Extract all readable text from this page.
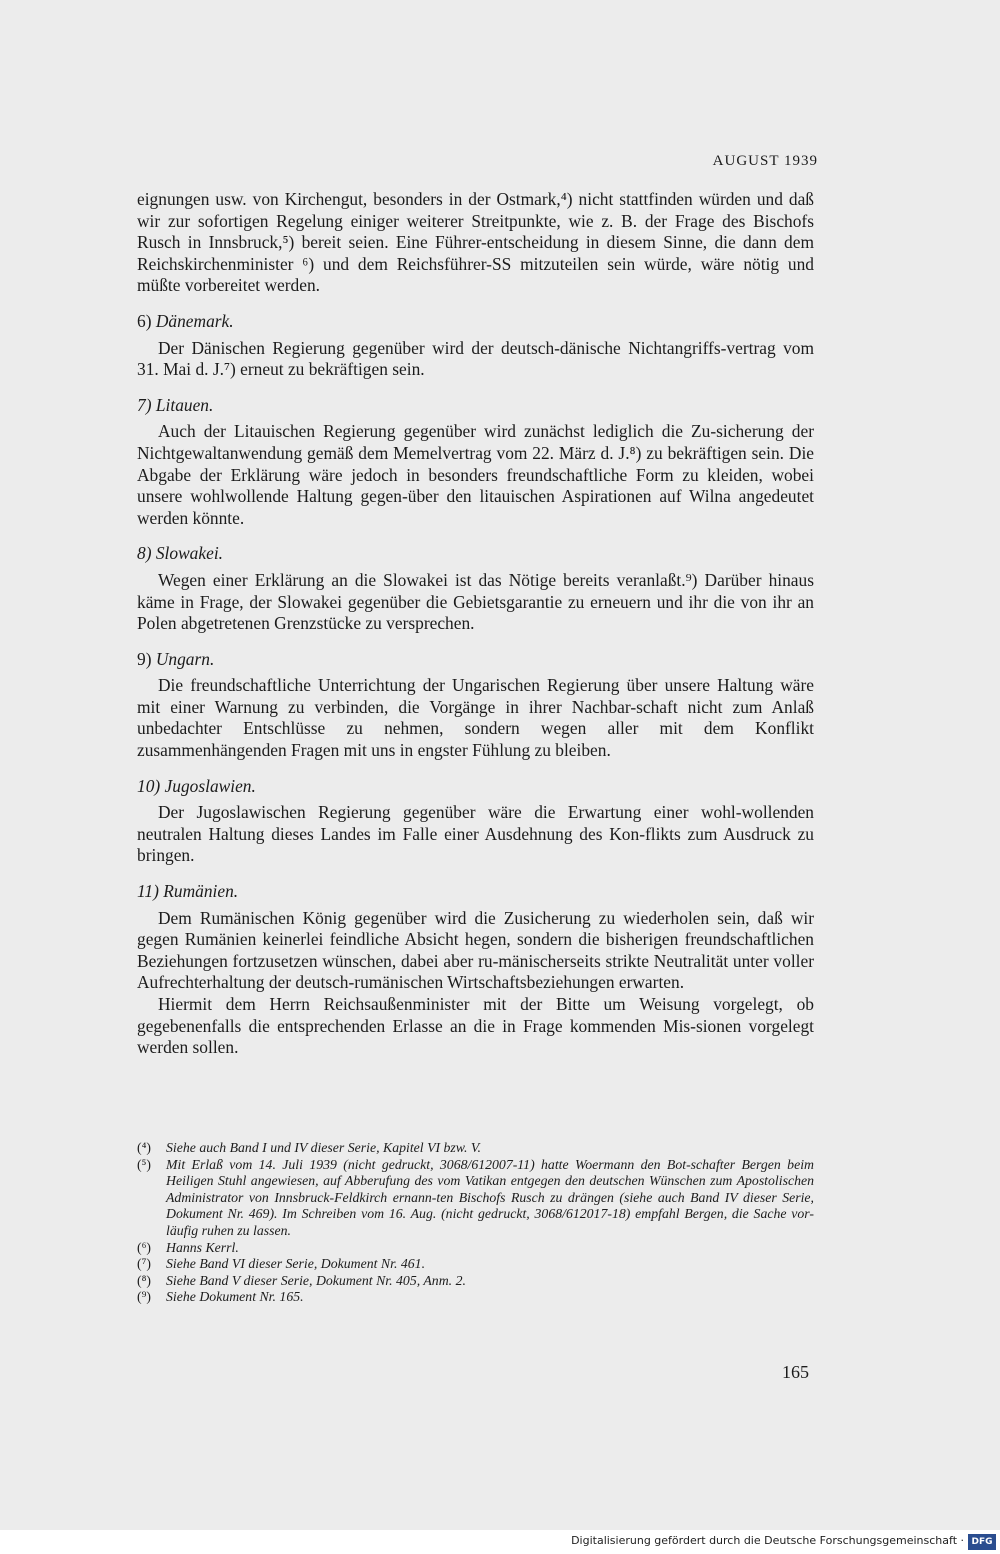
AUGUST 1939

eignungen usw. von Kirchengut, besonders in der Ostmark,⁴) nicht stattfinden würden und daß wir zur sofortigen Regelung einiger weiterer Streitpunkte, wie z. B. der Frage des Bischofs Rusch in Innsbruck,⁵) bereit seien. Eine Führer-entscheidung in diesem Sinne, die dann dem Reichskirchenminister ⁶) und dem Reichsführer-SS mitzuteilen sein würde, wäre nötig und müßte vorbereitet werden.

6) Dänemark.

Der Dänischen Regierung gegenüber wird der deutsch-dänische Nichtangriffs-vertrag vom 31. Mai d. J.⁷) erneut zu bekräftigen sein.

7) Litauen.

Auch der Litauischen Regierung gegenüber wird zunächst lediglich die Zu-sicherung der Nichtgewaltanwendung gemäß dem Memelvertrag vom 22. März d. J.⁸) zu bekräftigen sein. Die Abgabe der Erklärung wäre jedoch in besonders freundschaftliche Form zu kleiden, wobei unsere wohlwollende Haltung gegen-über den litauischen Aspirationen auf Wilna angedeutet werden könnte.

8) Slowakei.

Wegen einer Erklärung an die Slowakei ist das Nötige bereits veranlaßt.⁹) Darüber hinaus käme in Frage, der Slowakei gegenüber die Gebietsgarantie zu erneuern und ihr die von ihr an Polen abgetretenen Grenzstücke zu versprechen.

9) Ungarn.

Die freundschaftliche Unterrichtung der Ungarischen Regierung über unsere Haltung wäre mit einer Warnung zu verbinden, die Vorgänge in ihrer Nachbar-schaft nicht zum Anlaß unbedachter Entschlüsse zu nehmen, sondern wegen aller mit dem Konflikt zusammenhängenden Fragen mit uns in engster Fühlung zu bleiben.

10) Jugoslawien.

Der Jugoslawischen Regierung gegenüber wäre die Erwartung einer wohl-wollenden neutralen Haltung dieses Landes im Falle einer Ausdehnung des Kon-flikts zum Ausdruck zu bringen.

11) Rumänien.

Dem Rumänischen König gegenüber wird die Zusicherung zu wiederholen sein, daß wir gegen Rumänien keinerlei feindliche Absicht hegen, sondern die bisherigen freundschaftlichen Beziehungen fortzusetzen wünschen, dabei aber ru-mänischerseits strikte Neutralität unter voller Aufrechterhaltung der deutsch-rumänischen Wirtschaftsbeziehungen erwarten.

Hiermit dem Herrn Reichsaußenminister mit der Bitte um Weisung vorgelegt, ob gegebenenfalls die entsprechenden Erlasse an die in Frage kommenden Mis-sionen vorgelegt werden sollen.

(⁴)	Siehe auch Band I und IV dieser Serie, Kapitel VI bzw. V.
(⁵)	Mit Erlaß vom 14. Juli 1939 (nicht gedruckt, 3068/612007-11) hatte Woermann den Bot-schafter Bergen beim Heiligen Stuhl angewiesen, auf Abberufung des vom Vatikan entgegen den deutschen Wünschen zum Apostolischen Administrator von Innsbruck-Feldkirch ernann-ten Bischofs Rusch zu drängen (siehe auch Band IV dieser Serie, Dokument Nr. 469). Im Schreiben vom 16. Aug. (nicht gedruckt, 3068/612017-18) empfahl Bergen, die Sache vor-läufig ruhen zu lassen.
(⁶)	Hanns Kerrl.
(⁷)	Siehe Band VI dieser Serie, Dokument Nr. 461.
(⁸)	Siehe Band V dieser Serie, Dokument Nr. 405, Anm. 2.
(⁹)	Siehe Dokument Nr. 165.
165
Digitalisierung gefördert durch die Deutsche Forschungsgemeinschaft · DFG
